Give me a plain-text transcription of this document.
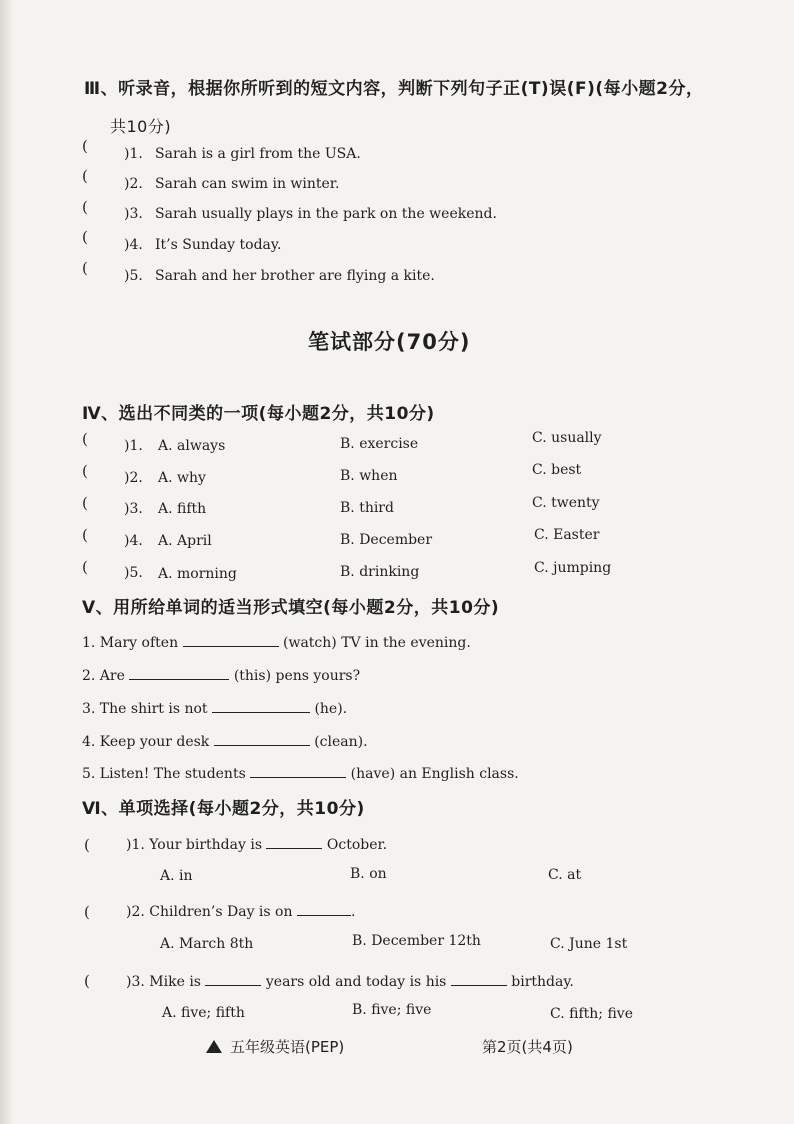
Ⅲ、听录音，根据你所听到的短文内容，判断下列句子正(T)误(F)(每小题2分，
共10分)
(	)1. Sarah is a girl from the USA.
(	)2. Sarah can swim in winter.
(	)3. Sarah usually plays in the park on the weekend.
(	)4. It’s Sunday today.
(	)5. Sarah and her brother are flying a kite.
笔试部分(70分)
Ⅳ、选出不同类的一项(每小题2分，共10分)
(	)1. A. always	B. exercise	C. usually
(	)2. A. why	B. when	C. best
(	)3. A. fifth	B. third	C. twenty
(	)4. A. April	B. December	C. Easter
(	)5. A. morning	B. drinking	C. jumping
Ⅴ、用所给单词的适当形式填空(每小题2分，共10分)
1. Mary often	(watch) TV in the evening.
2. Are	(this) pens yours?
3. The shirt is not	(he).
4. Keep your desk	(clean).
5. Listen! The students	(have) an English class.
Ⅵ、单项选择(每小题2分，共10分)
(	)1. Your birthday is	October.
A. in	B. on	C. at
(	)2. Children’s Day is on	.
A. March 8th	B. December 12th	C. June 1st
(	)3. Mike is	years old and today is his	birthday.
A. five; fifth	B. five; five	C. fifth; five
五年级英语(PEP)	第2页(共4页)
